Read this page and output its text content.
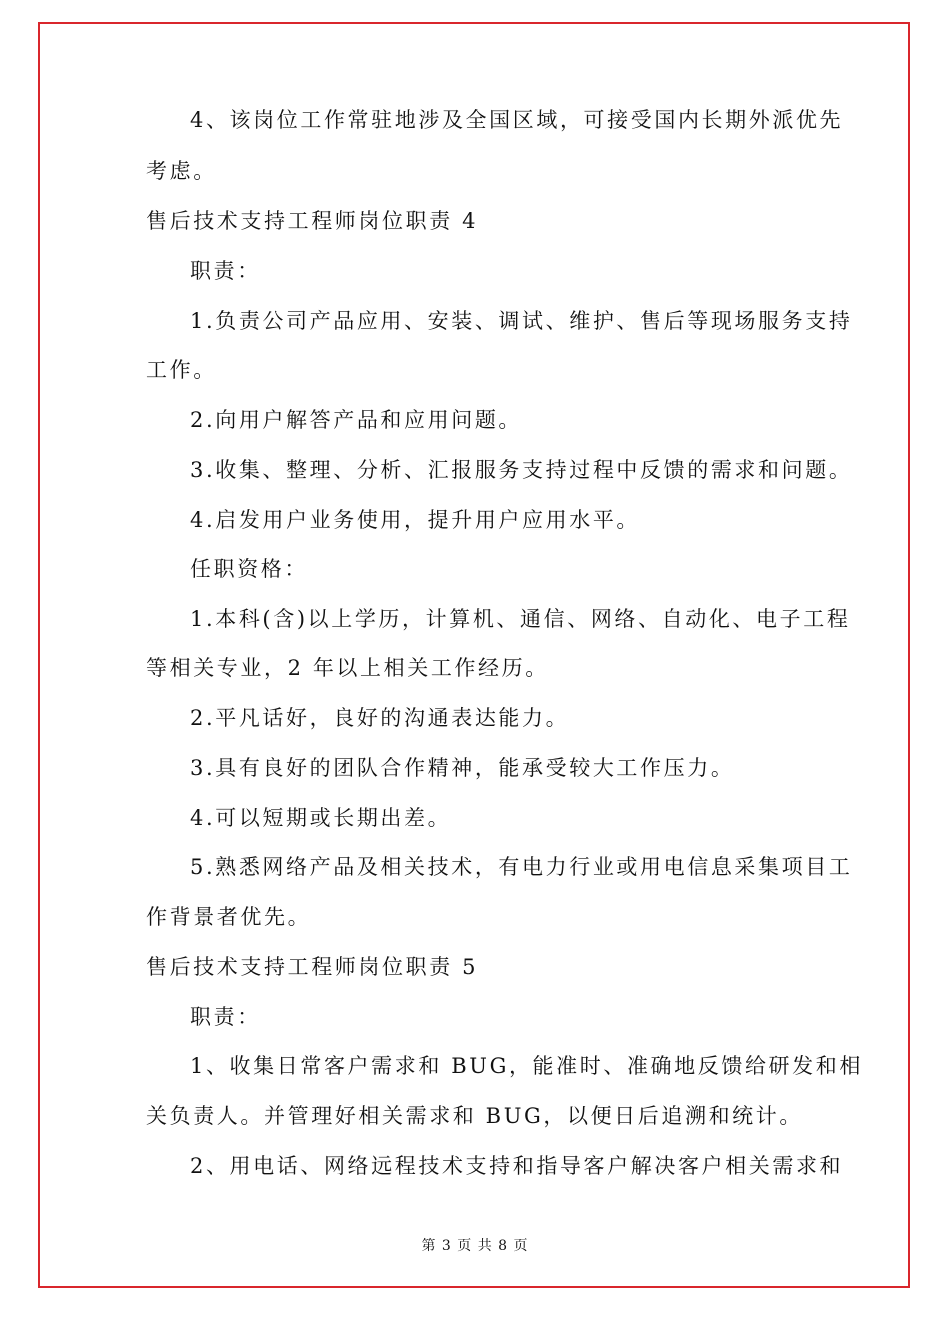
4、该岗位工作常驻地涉及全国区域，可接受国内长期外派优先
考虑。
售后技术支持工程师岗位职责 4
职责：
1.负责公司产品应用、安装、调试、维护、售后等现场服务支持
工作。
2.向用户解答产品和应用问题。
3.收集、整理、分析、汇报服务支持过程中反馈的需求和问题。
4.启发用户业务使用，提升用户应用水平。
任职资格：
1.本科(含)以上学历，计算机、通信、网络、自动化、电子工程
等相关专业，2 年以上相关工作经历。
2.平凡话好，良好的沟通表达能力。
3.具有良好的团队合作精神，能承受较大工作压力。
4.可以短期或长期出差。
5.熟悉网络产品及相关技术，有电力行业或用电信息采集项目工
作背景者优先。
售后技术支持工程师岗位职责 5
职责：
1、收集日常客户需求和 BUG，能准时、准确地反馈给研发和相
关负责人。并管理好相关需求和 BUG，以便日后追溯和统计。
2、用电话、网络远程技术支持和指导客户解决客户相关需求和
第 3 页 共 8 页
